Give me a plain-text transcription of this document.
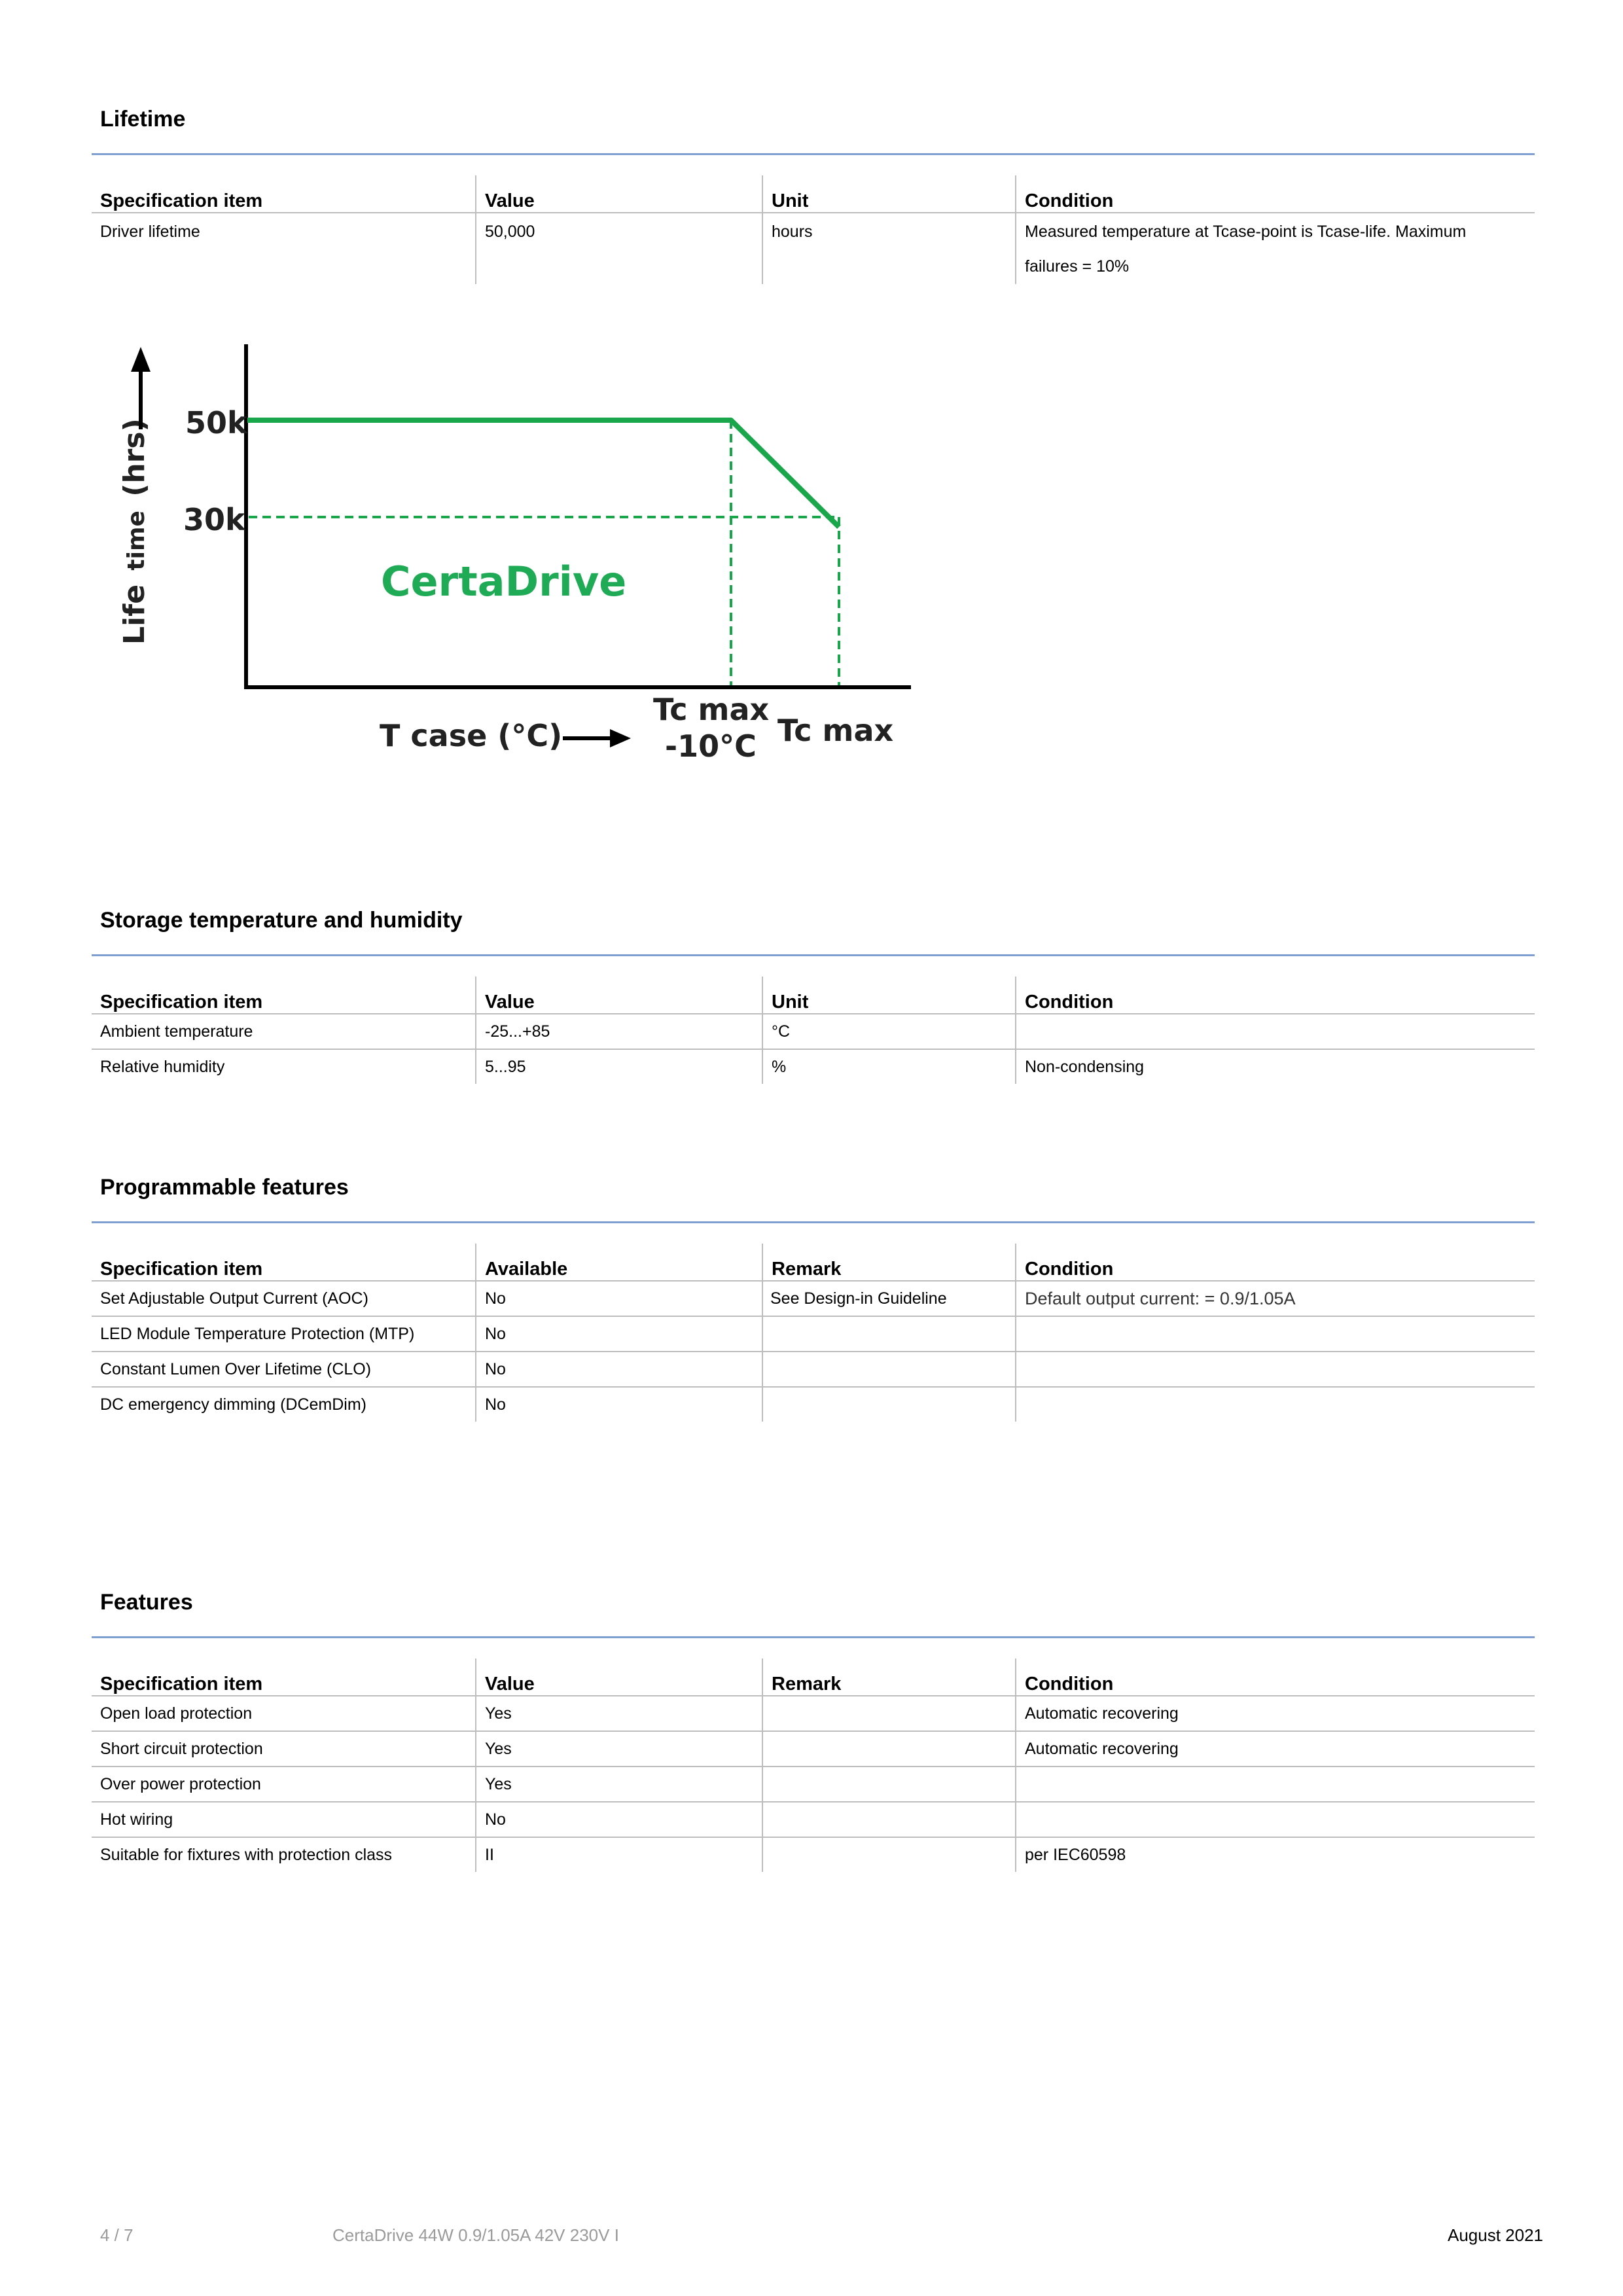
Lifetime
Specification item	Value	Unit	Condition
Driver lifetime	50,000	hours	Measured temperature at Tcase-point is Tcase-life. Maximum failures = 10%
50k
30k
Life time (hrs)
CertaDrive
T case (°C)
Tc max
-10°C Tc max
Storage temperature and humidity
Specification item	Value	Unit	Condition
Ambient temperature	-25...+85	°C	
Relative humidity	5...95	%	Non-condensing
Programmable features
Specification item	Available	Remark	Condition
Set Adjustable Output Current (AOC)	No	See Design-in Guideline	Default output current: = 0.9/1.05A
LED Module Temperature Protection (MTP)	No		
Constant Lumen Over Lifetime (CLO)	No		
DC emergency dimming (DCemDim)	No		
Features
Specification item	Value	Remark	Condition
Open load protection	Yes		Automatic recovering
Short circuit protection	Yes		Automatic recovering
Over power protection	Yes		
Hot wiring	No		
Suitable for fixtures with protection class	II		per IEC60598
4 / 7	CertaDrive 44W 0.9/1.05A 42V 230V I	August 2021
